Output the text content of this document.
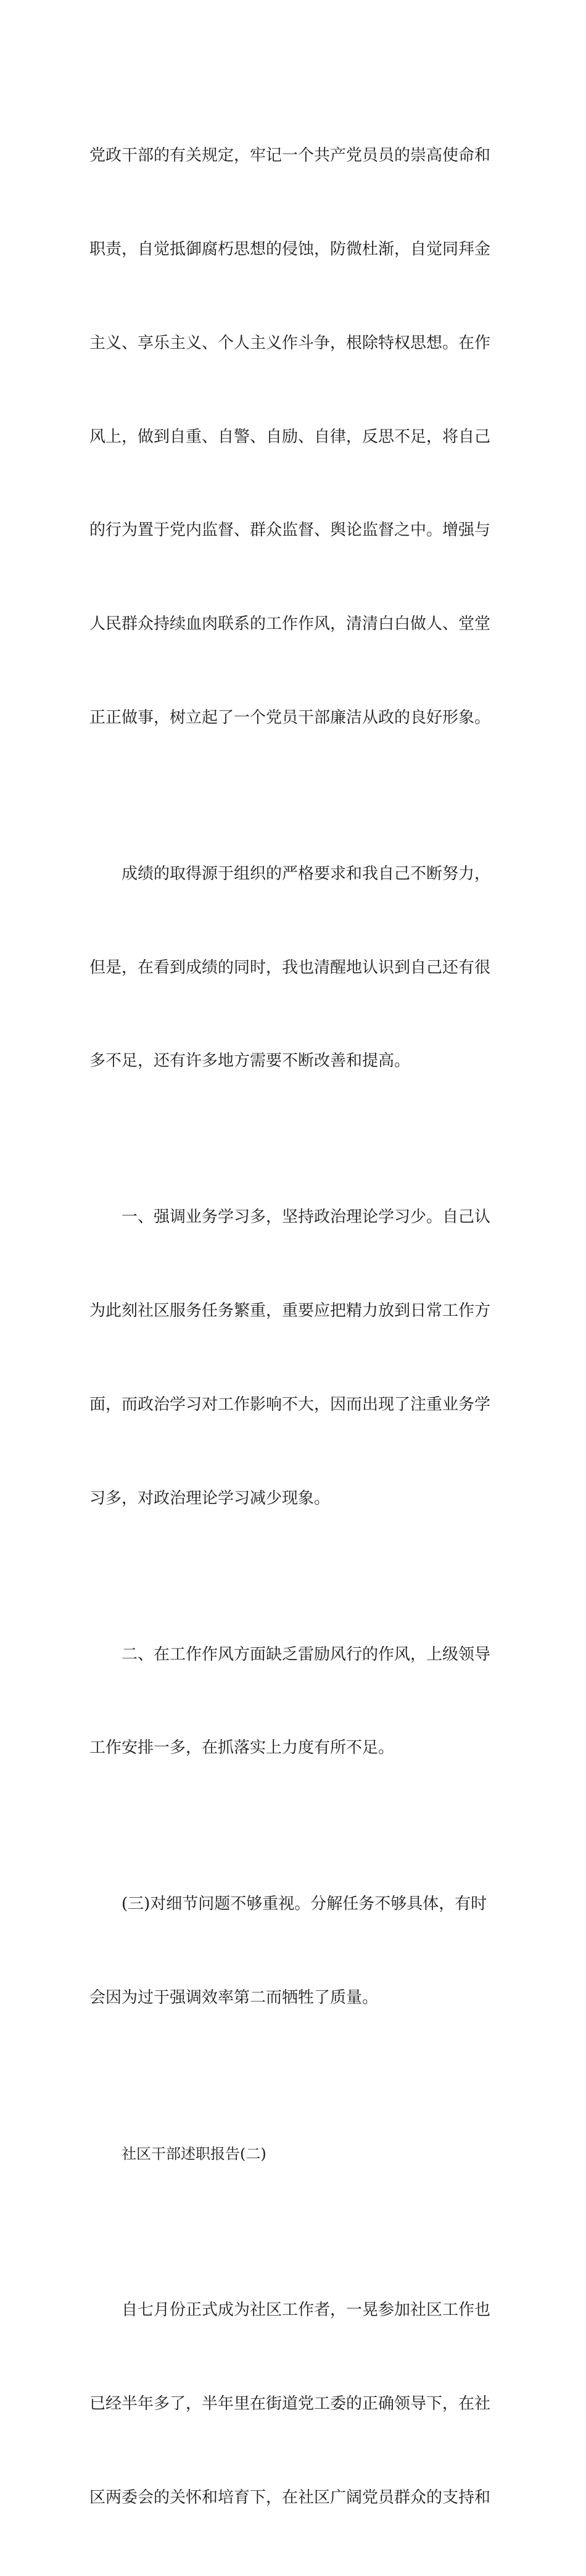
党政干部的有关规定，牢记一个共产党员员的崇高使命和

职责，自觉抵御腐朽思想的侵蚀，防微杜渐，自觉同拜金

主义、享乐主义、个人主义作斗争，根除特权思想。在作

风上，做到自重、自警、自励、自律，反思不足，将自己

的行为置于党内监督、群众监督、舆论监督之中。增强与

人民群众持续血肉联系的工作作风，清清白白做人、堂堂

正正做事，树立起了一个党员干部廉洁从政的良好形象。

成绩的取得源于组织的严格要求和我自己不断努力，

但是，在看到成绩的同时，我也清醒地认识到自己还有很

多不足，还有许多地方需要不断改善和提高。

一、强调业务学习多，坚持政治理论学习少。自己认

为此刻社区服务任务繁重，重要应把精力放到日常工作方

面，而政治学习对工作影响不大，因而出现了注重业务学

习多，对政治理论学习减少现象。

二、在工作作风方面缺乏雷励风行的作风，上级领导

工作安排一多，在抓落实上力度有所不足。

(三)对细节问题不够重视。分解任务不够具体，有时

会因为过于强调效率第二而牺牲了质量。

社区干部述职报告(二)

自七月份正式成为社区工作者，一晃参加社区工作也

已经半年多了，半年里在街道党工委的正确领导下，在社

区两委会的关怀和培育下，在社区广阔党员群众的支持和
